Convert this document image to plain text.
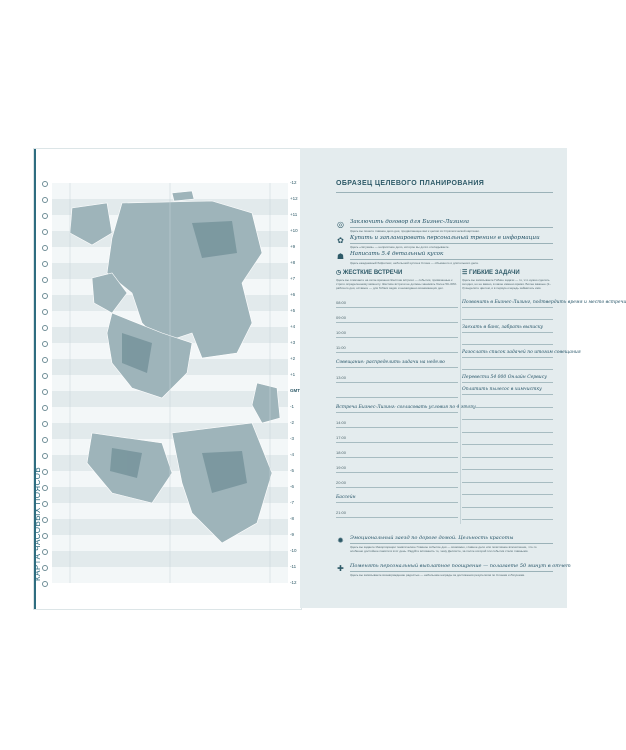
КАРТА ЧАСОВЫХ ПОЯСОВ
-12
+12
+11
+10
+9
+8
+7
+6
+5
+4
+3
+2
+1
GMT
-1
-2
-3
-4
-5
-6
-7
-8
-9
-10
-11
-12
ОБРАЗЕЦ ЦЕЛЕВОГО ПЛАНИРОВАНИЯ
◎ Заключить договор для Бизнес-Лизинга
Здесь вы пишете главное дело дня, продвигающее вас к целям из Стратегической картинки.
✿ Купить и запланировать персональный тренинг в информации
Здесь «лягушка» — неприятное дело, которое вы долго откладываете.
☗ Написать 5.4 детальный кусок
Здесь ежедневный бифштекс, небольшой кусочек Слона — объемного и длительного дела.
◷ ЖЕСТКИЕ ВСТРЕЧИ	☰ ГИБКИЕ ЗАДАЧИ
Здесь вы отмечаете на сетке времени Жесткие встречи — события, привязанные к строго определенному моменту. Жесткие встречи не должны занимать более 50–60% рабочего дня, оставьте — для Гибких задач и неожиданно возникающих дел.
Здесь вы записываете Гибкие задачи — то, что нужно сделать сегодня, но не важно, в какое именно время. Более важные (2–3) выделите цветом, и в первую очередь займитесь ими.
08:00
09:00
10:00
11:00
Совещание: распределить задачи на неделю
13:00
Встреча Бизнес-Лизинг: согласовать условия по 4 этапу
14:00
17:00
18:00
19:00
20:00
Бассейн
21:00
Позвонить в Бизнес-Лизинг, подтвердить время и место встречи
Заехать в банк, забрать выписку
Разослать список задачей по итогам совещания
Перевести 54 000 Онлайн Сервису
Оплатить пылесос в химчистку
✹ Эмоциональный заезд по дороге домой. Цельность красоты
Здесь вы задаете Инкорпорации тематическое Главное событие дня — возможно, главное дело или позитивное впечатление, что-то особенно достойное памяти в этот день. Радуйте вспомнить то, чему Дессисте, за после которой эти события стали главными.
✚ Поменять персональный выплатное поощрение — полагаете 50 минут в отчет
Здесь вы записываете вознаграждение радостью — небольшие награды за достижения результатов по Слонам и Лягушкам.
